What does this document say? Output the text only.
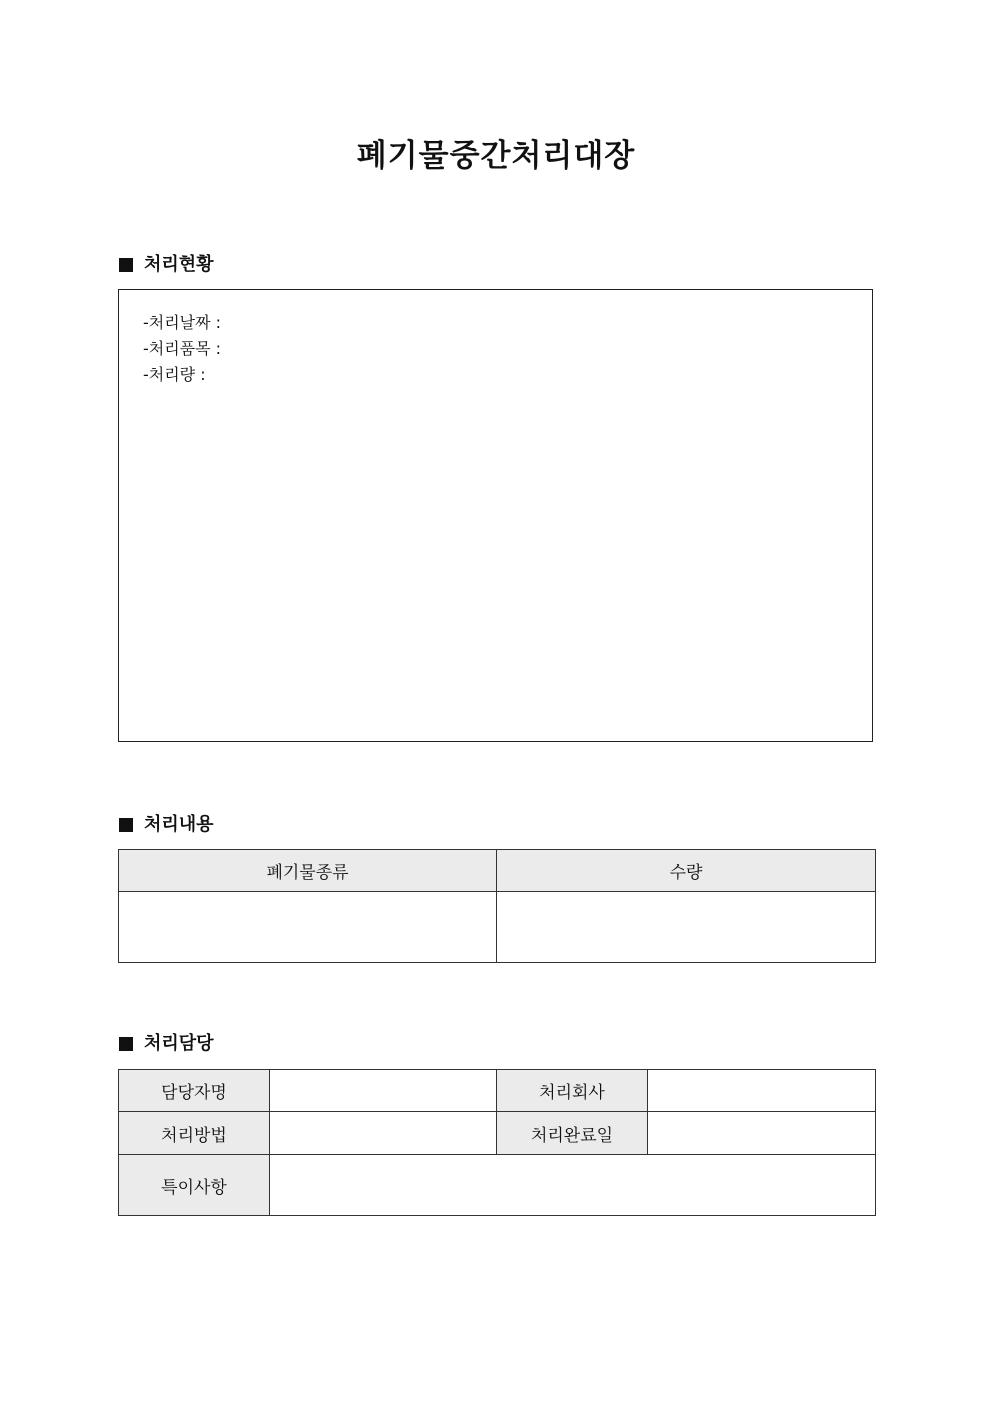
폐기물중간처리대장
처리현황
-처리날짜 :
-처리품목 :
-처리량 :
처리내용
폐기물종류	수량

처리담당
담당자명		처리회사	
처리방법		처리완료일	
특이사항			
